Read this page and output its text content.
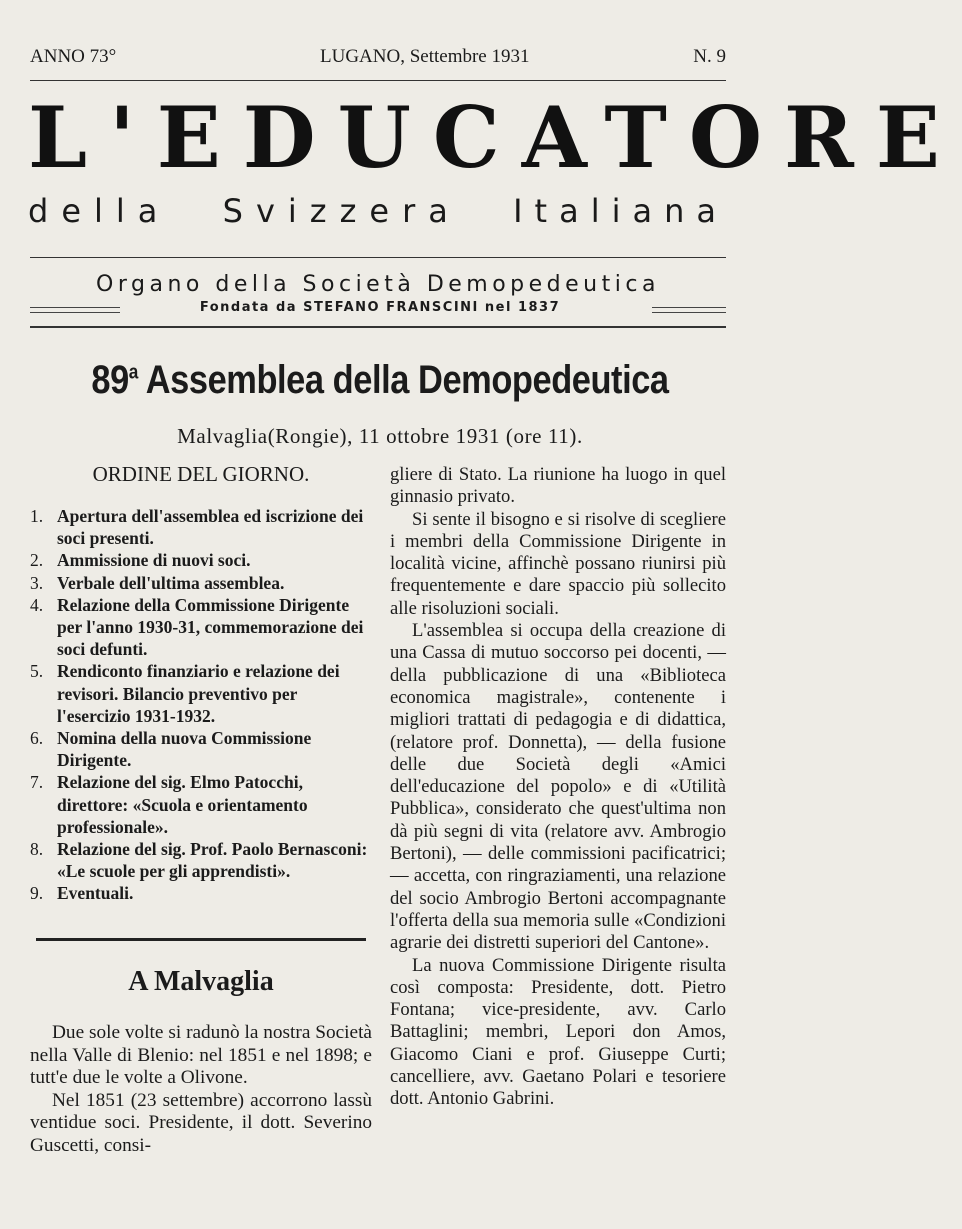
ANNO 73°	LUGANO, Settembre 1931	N. 9
L'EDUCATORE
della Svizzera Italiana
Organo della Società Demopedeutica
Fondata da STEFANO FRANSCINI nel 1837
89$^a$ Assemblea della Demopedeutica
Malvaglia(Rongie), 11 ottobre 1931 (ore 11).
ORDINE DEL GIORNO.
1. Apertura dell'assemblea ed iscrizione dei soci presenti.
2. Ammissione di nuovi soci.
3. Verbale dell'ultima assemblea.
4. Relazione della Commissione Dirigente per l'anno 1930-31, commemorazione dei soci defunti.
5. Rendiconto finanziario e relazione dei revisori. Bilancio preventivo per l'esercizio 1931-1932.
6. Nomina della nuova Commissione Dirigente.
7. Relazione del sig. Elmo Patocchi, direttore: «Scuola e orientamento professionale».
8. Relazione del sig. Prof. Paolo Bernasconi: «Le scuole per gli apprendisti».
9. Eventuali.
A Malvaglia

Due sole volte si radunò la nostra Società nella Valle di Blenio: nel 1851 e nel 1898; e tutt'e due le volte a Olivone.

Nel 1851 (23 settembre) accorrono lassù ventidue soci. Presidente, il dott. Severino Guscetti, consi-

gliere di Stato. La riunione ha luogo in quel ginnasio privato.

Si sente il bisogno e si risolve di scegliere i membri della Commissione Dirigente in località vicine, affinchè possano riunirsi più frequentemente e dare spaccio più sollecito alle risoluzioni sociali.

L'assemblea si occupa della creazione di una Cassa di mutuo soccorso pei docenti, — della pubblicazione di una «Biblioteca economica magistrale», contenente i migliori trattati di pedagogia e di didattica, (relatore prof. Donnetta), — della fusione delle due Società degli «Amici dell'educazione del popolo» e di «Utilità Pubblica», considerato che quest'ultima non dà più segni di vita (relatore avv. Ambrogio Bertoni), — delle commissioni pacificatrici; — accetta, con ringraziamenti, una relazione del socio Ambrogio Bertoni accompagnante l'offerta della sua memoria sulle «Condizioni agrarie dei distretti superiori del Cantone».

La nuova Commissione Dirigente risulta così composta: Presidente, dott. Pietro Fontana; vice-presidente, avv. Carlo Battaglini; membri, Lepori don Amos, Giacomo Ciani e prof. Giuseppe Curti; cancelliere, avv. Gaetano Polari e tesoriere dott. Antonio Gabrini.
